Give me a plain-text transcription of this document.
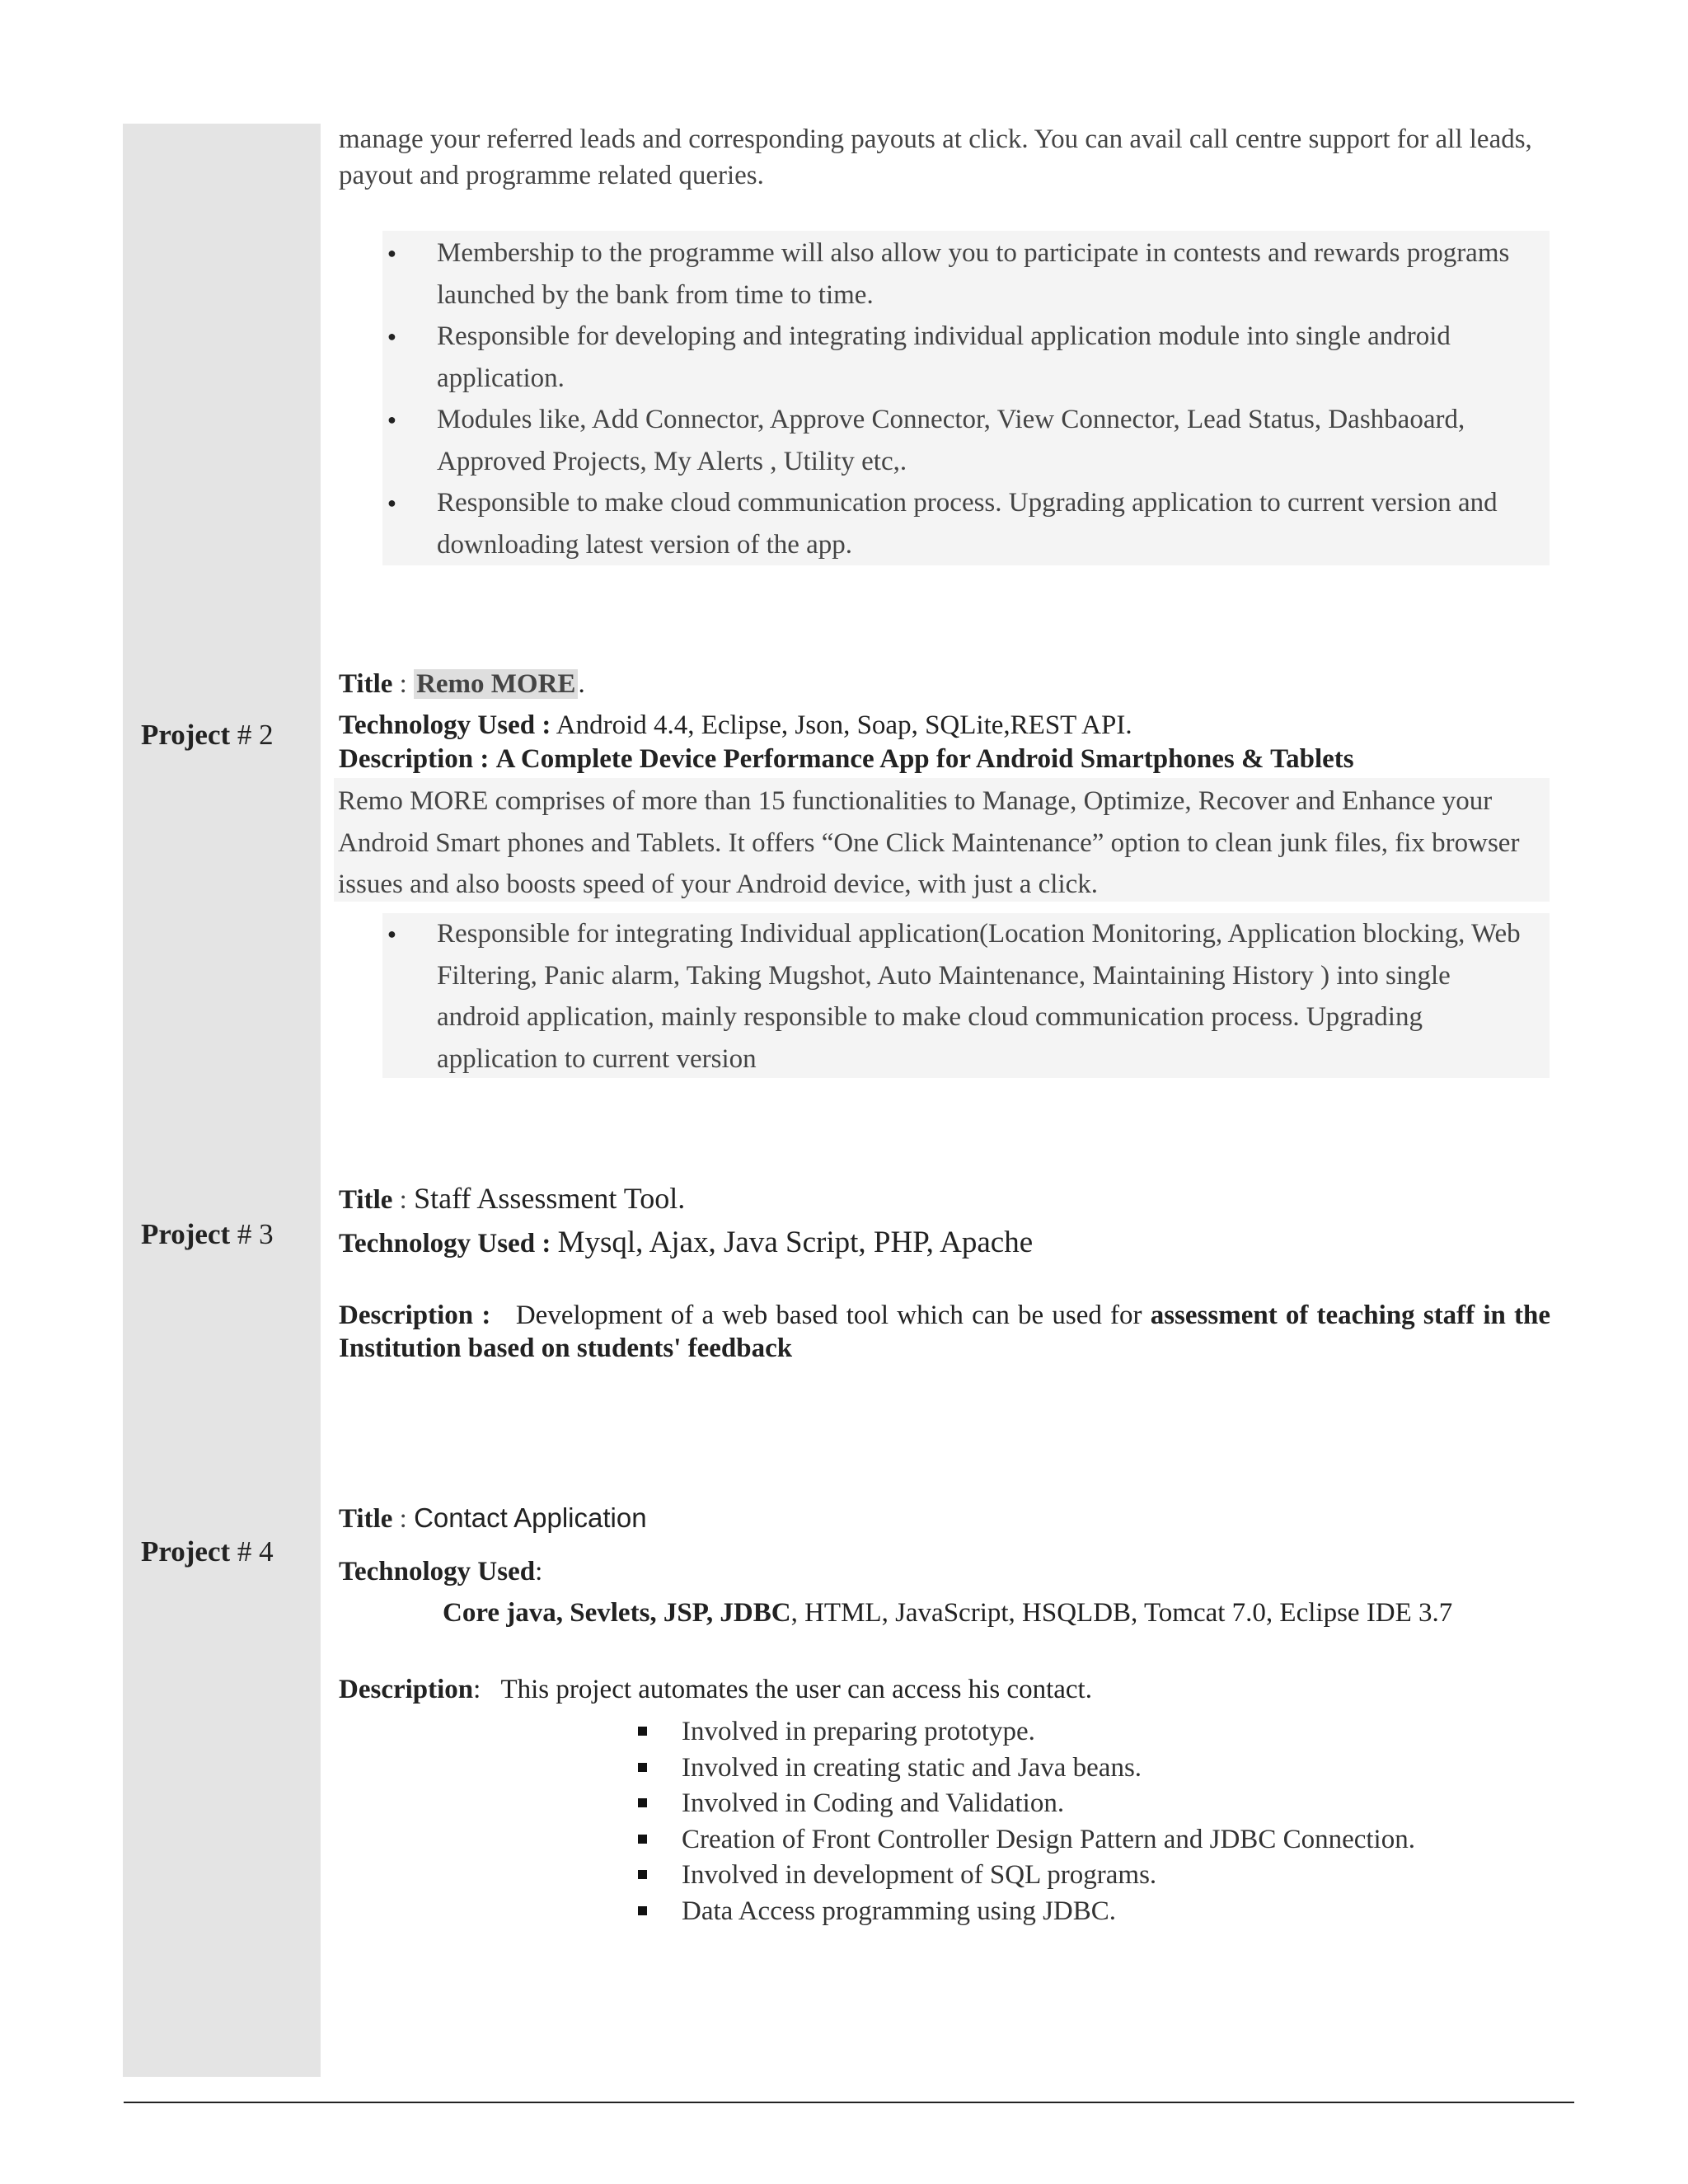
manage your referred leads and corresponding payouts at click. You can avail call centre support for all leads, payout and programme related queries.
● Membership to the programme will also allow you to participate in contests and rewards programs launched by the bank from time to time.
● Responsible for developing and integrating individual application module into single android application.
● Modules like, Add Connector, Approve Connector, View Connector, Lead Status, Dashbaoard, Approved Projects, My Alerts , Utility etc,.
● Responsible to make cloud communication process. Upgrading application to current version and downloading latest version of the app.
Project # 2
Title : Remo MORE.
Technology Used : Android 4.4, Eclipse, Json, Soap, SQLite,REST API.
Description : A Complete Device Performance App for Android Smartphones & Tablets
Remo MORE comprises of more than 15 functionalities to Manage, Optimize, Recover and Enhance your Android Smart phones and Tablets. It offers “One Click Maintenance” option to clean junk files, fix browser issues and also boosts speed of your Android device, with just a click.
● Responsible for integrating Individual application(Location Monitoring, Application blocking, Web Filtering, Panic alarm, Taking Mugshot, Auto Maintenance, Maintaining History ) into single android application, mainly responsible to make cloud communication process. Upgrading application to current version
Project # 3
Title : Staff Assessment Tool.
Technology Used : Mysql, Ajax, Java Script, PHP, Apache
Description : Development of a web based tool which can be used for assessment of teaching staff in the Institution based on students' feedback
Project # 4
Title : Contact Application
Technology Used:
Core java, Sevlets, JSP, JDBC, HTML, JavaScript, HSQLDB, Tomcat 7.0, Eclipse IDE 3.7
Description:   This project automates the user can access his contact.
Involved in preparing prototype.
Involved in creating static and Java beans.
Involved in Coding and Validation.
Creation of Front Controller Design Pattern and JDBC Connection.
Involved in development of SQL programs.
Data Access programming using JDBC.
